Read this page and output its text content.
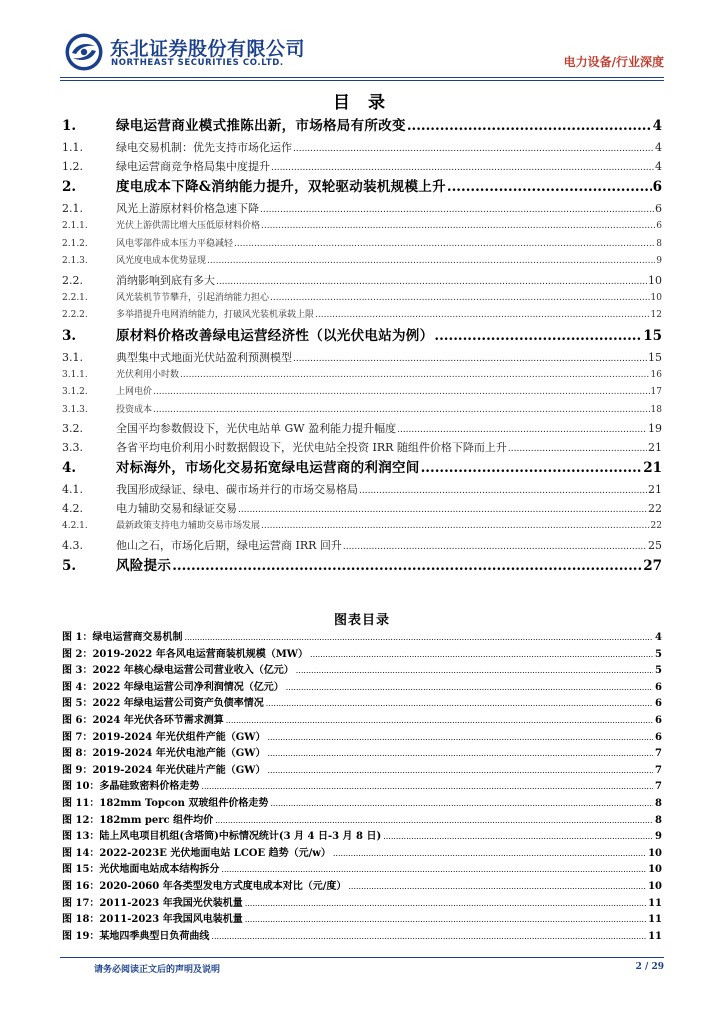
东北证券股份有限公司
NORTHEAST SECURITIES CO.LTD.	电力设备/行业深度
目 录
1.	绿电运营商业模式推陈出新，市场格局有所改变 .....	4
1.1.	绿电交易机制：优先支持市场化运作 .....	4
1.2.	绿电运营商竞争格局集中度提升 .....	4
2.	度电成本下降&消纳能力提升，双轮驱动装机规模上升 .....	6
2.1.	风光上游原材料价格急速下降 .....	6
2.1.1.	光伏上游供需比增大压低原材料价格 .....	6
2.1.2.	风电零部件成本压力平稳减轻 .....	8
2.1.3.	风光度电成本优势显现 .....	9
2.2.	消纳影响到底有多大 .....	10
2.2.1.	风光装机节节攀升，引起消纳能力担心 .....	10
2.2.2.	多举措提升电网消纳能力，打破风光装机承载上限 .....	12
3.	原材料价格改善绿电运营经济性（以光伏电站为例） .....	15
3.1.	典型集中式地面光伏站盈利预测模型 .....	15
3.1.1.	光伏利用小时数 .....	16
3.1.2.	上网电价 .....	17
3.1.3.	投资成本 .....	18
3.2.	全国平均参数假设下，光伏电站单 GW 盈利能力提升幅度 .....	19
3.3.	各省平均电价利用小时数据假设下，光伏电站全投资 IRR 随组件价格下降而上升 .....	21
4.	对标海外，市场化交易拓宽绿电运营商的利润空间 .....	21
4.1.	我国形成绿证、绿电、碳市场并行的市场交易格局 .....	21
4.2.	电力辅助交易和绿证交易 .....	22
4.2.1.	最新政策支持电力辅助交易市场发展 .....	22
4.3.	他山之石，市场化后期，绿电运营商 IRR 回升 .....	25
5.	风险提示 .....	27
图表目录
图 1：绿电运营商交易机制 .....	4
图 2：2019-2022 年各风电运营商装机规模（MW） .....	5
图 3：2022 年核心绿电运营公司营业收入（亿元） .....	5
图 4：2022 年绿电运营公司净利润情况（亿元） .....	6
图 5：2022 年绿电运营公司资产负债率情况 .....	6
图 6：2024 年光伏各环节需求测算 .....	6
图 7：2019-2024 年光伏组件产能（GW） .....	6
图 8：2019-2024 年光伏电池产能（GW） .....	7
图 9：2019-2024 年光伏硅片产能（GW） .....	7
图 10：多晶硅致密料价格走势 .....	7
图 11：182mm Topcon 双玻组件价格走势 .....	8
图 12：182mm perc 组件均价 .....	8
图 13：陆上风电项目机组(含塔筒)中标情况统计(3 月 4 日-3 月 8 日) .....	9
图 14：2022-2023E 光伏地面电站 LCOE 趋势（元/w） .....	10
图 15：光伏地面电站成本结构拆分 .....	10
图 16：2020-2060 年各类型发电方式度电成本对比（元/度） .....	10
图 17：2011-2023 年我国光伏装机量 .....	11
图 18：2011-2023 年我国风电装机量 .....	11
图 19：某地四季典型日负荷曲线 .....	11
请务必阅读正文后的声明及说明	2 / 29
